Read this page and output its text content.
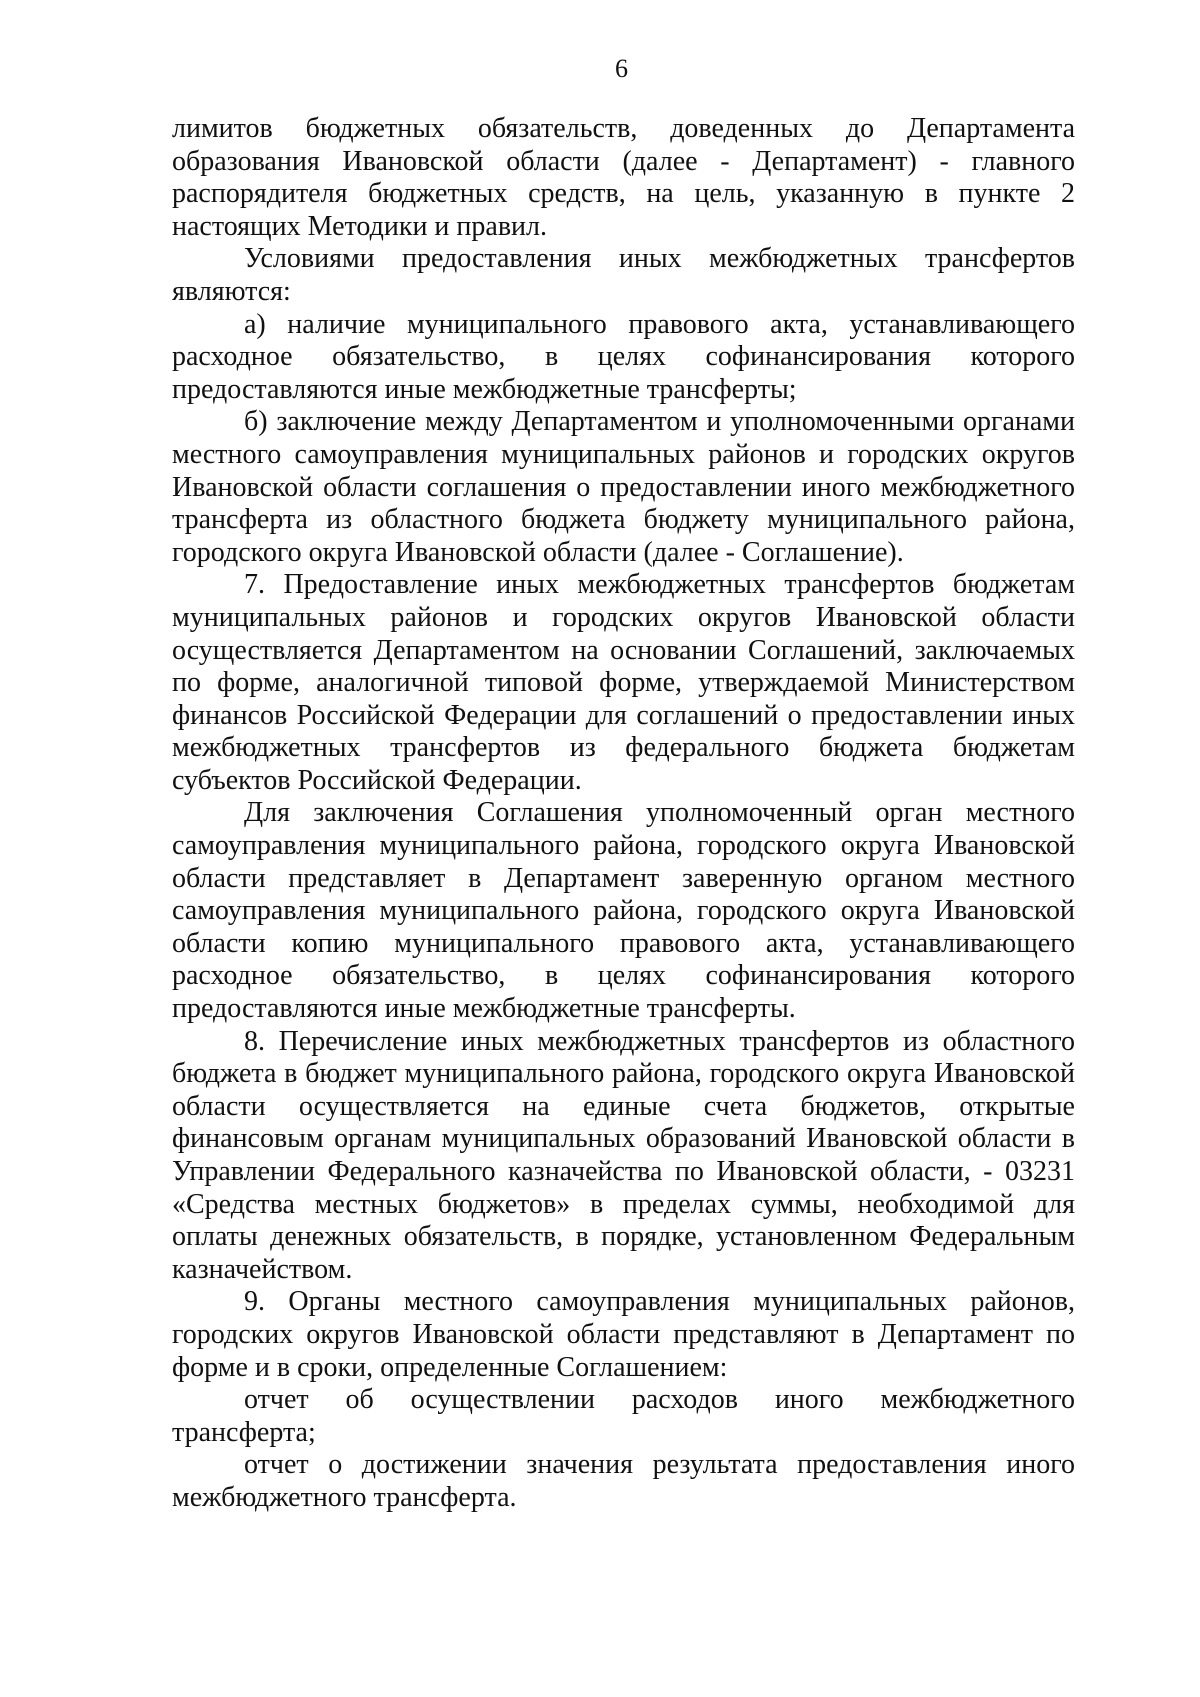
6

лимитов бюджетных обязательств, доведенных до Департамента образования Ивановской области (далее - Департамент) - главного распорядителя бюджетных средств, на цель, указанную в пункте 2 настоящих Методики и правил.

Условиями предоставления иных межбюджетных трансфертов являются:

а) наличие муниципального правового акта, устанавливающего расходное обязательство, в целях софинансирования которого предоставляются иные межбюджетные трансферты;

б) заключение между Департаментом и уполномоченными органами местного самоуправления муниципальных районов и городских округов Ивановской области соглашения о предоставлении иного межбюджетного трансферта из областного бюджета бюджету муниципального района, городского округа Ивановской области (далее - Соглашение).

7. Предоставление иных межбюджетных трансфертов бюджетам муниципальных районов и городских округов Ивановской области осуществляется Департаментом на основании Соглашений, заключаемых по форме, аналогичной типовой форме, утверждаемой Министерством финансов Российской Федерации для соглашений о предоставлении иных межбюджетных трансфертов из федерального бюджета бюджетам субъектов Российской Федерации.

Для заключения Соглашения уполномоченный орган местного самоуправления муниципального района, городского округа Ивановской области представляет в Департамент заверенную органом местного самоуправления муниципального района, городского округа Ивановской области копию муниципального правового акта, устанавливающего расходное обязательство, в целях софинансирования которого предоставляются иные межбюджетные трансферты.

8. Перечисление иных межбюджетных трансфертов из областного бюджета в бюджет муниципального района, городского округа Ивановской области осуществляется на единые счета бюджетов, открытые финансовым органам муниципальных образований Ивановской области в Управлении Федерального казначейства по Ивановской области, - 03231 «Средства местных бюджетов» в пределах суммы, необходимой для оплаты денежных обязательств, в порядке, установленном Федеральным казначейством.

9. Органы местного самоуправления муниципальных районов, городских округов Ивановской области представляют в Департамент по форме и в сроки, определенные Соглашением:

отчет об осуществлении расходов иного межбюджетного трансферта;

отчет о достижении значения результата предоставления иного межбюджетного трансферта.
